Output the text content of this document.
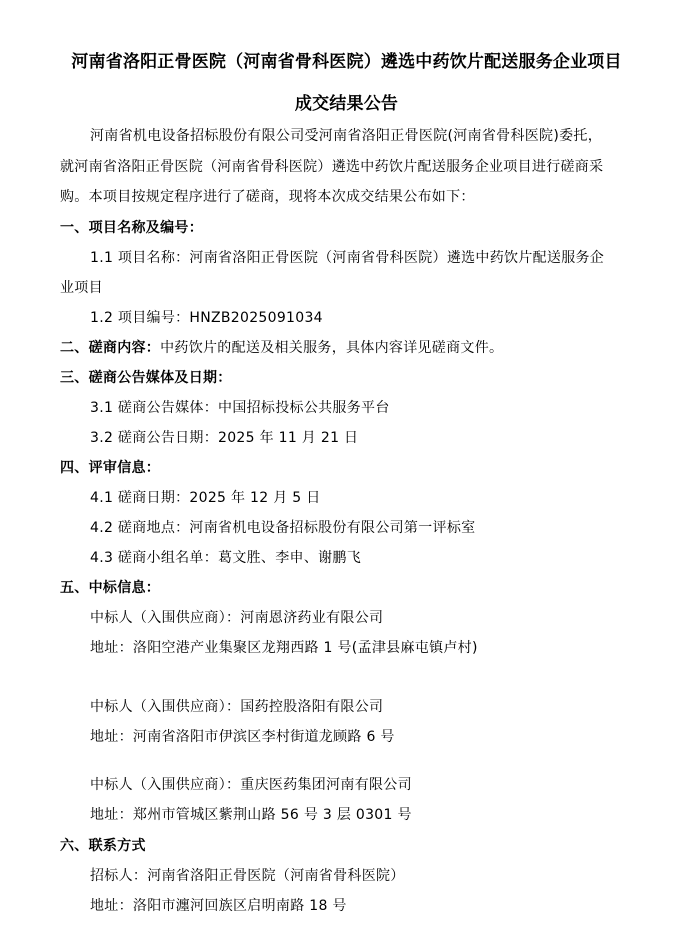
河南省洛阳正骨医院（河南省骨科医院）遴选中药饮片配送服务企业项目
成交结果公告
河南省机电设备招标股份有限公司受河南省洛阳正骨医院(河南省骨科医院)委托，
就河南省洛阳正骨医院（河南省骨科医院）遴选中药饮片配送服务企业项目进行磋商采
购。本项目按规定程序进行了磋商，现将本次成交结果公布如下：
一、项目名称及编号：
1.1 项目名称：河南省洛阳正骨医院（河南省骨科医院）遴选中药饮片配送服务企
业项目
1.2 项目编号：HNZB2025091034
二、磋商内容：中药饮片的配送及相关服务，具体内容详见磋商文件。
三、磋商公告媒体及日期：
3.1 磋商公告媒体：中国招标投标公共服务平台
3.2 磋商公告日期：2025 年 11 月 21 日
四、评审信息：
4.1 磋商日期：2025 年 12 月 5 日
4.2 磋商地点：河南省机电设备招标股份有限公司第一评标室
4.3 磋商小组名单：葛文胜、李申、谢鹏飞
五、中标信息：
中标人（入围供应商）：河南恩济药业有限公司
地址：洛阳空港产业集聚区龙翔西路 1 号(孟津县麻屯镇卢村)
中标人（入围供应商）：国药控股洛阳有限公司
地址：河南省洛阳市伊滨区李村街道龙顾路 6 号
中标人（入围供应商）：重庆医药集团河南有限公司
地址：郑州市管城区紫荆山路 56 号 3 层 0301 号
六、联系方式
招标人：河南省洛阳正骨医院（河南省骨科医院）
地址：洛阳市瀍河回族区启明南路 18 号
